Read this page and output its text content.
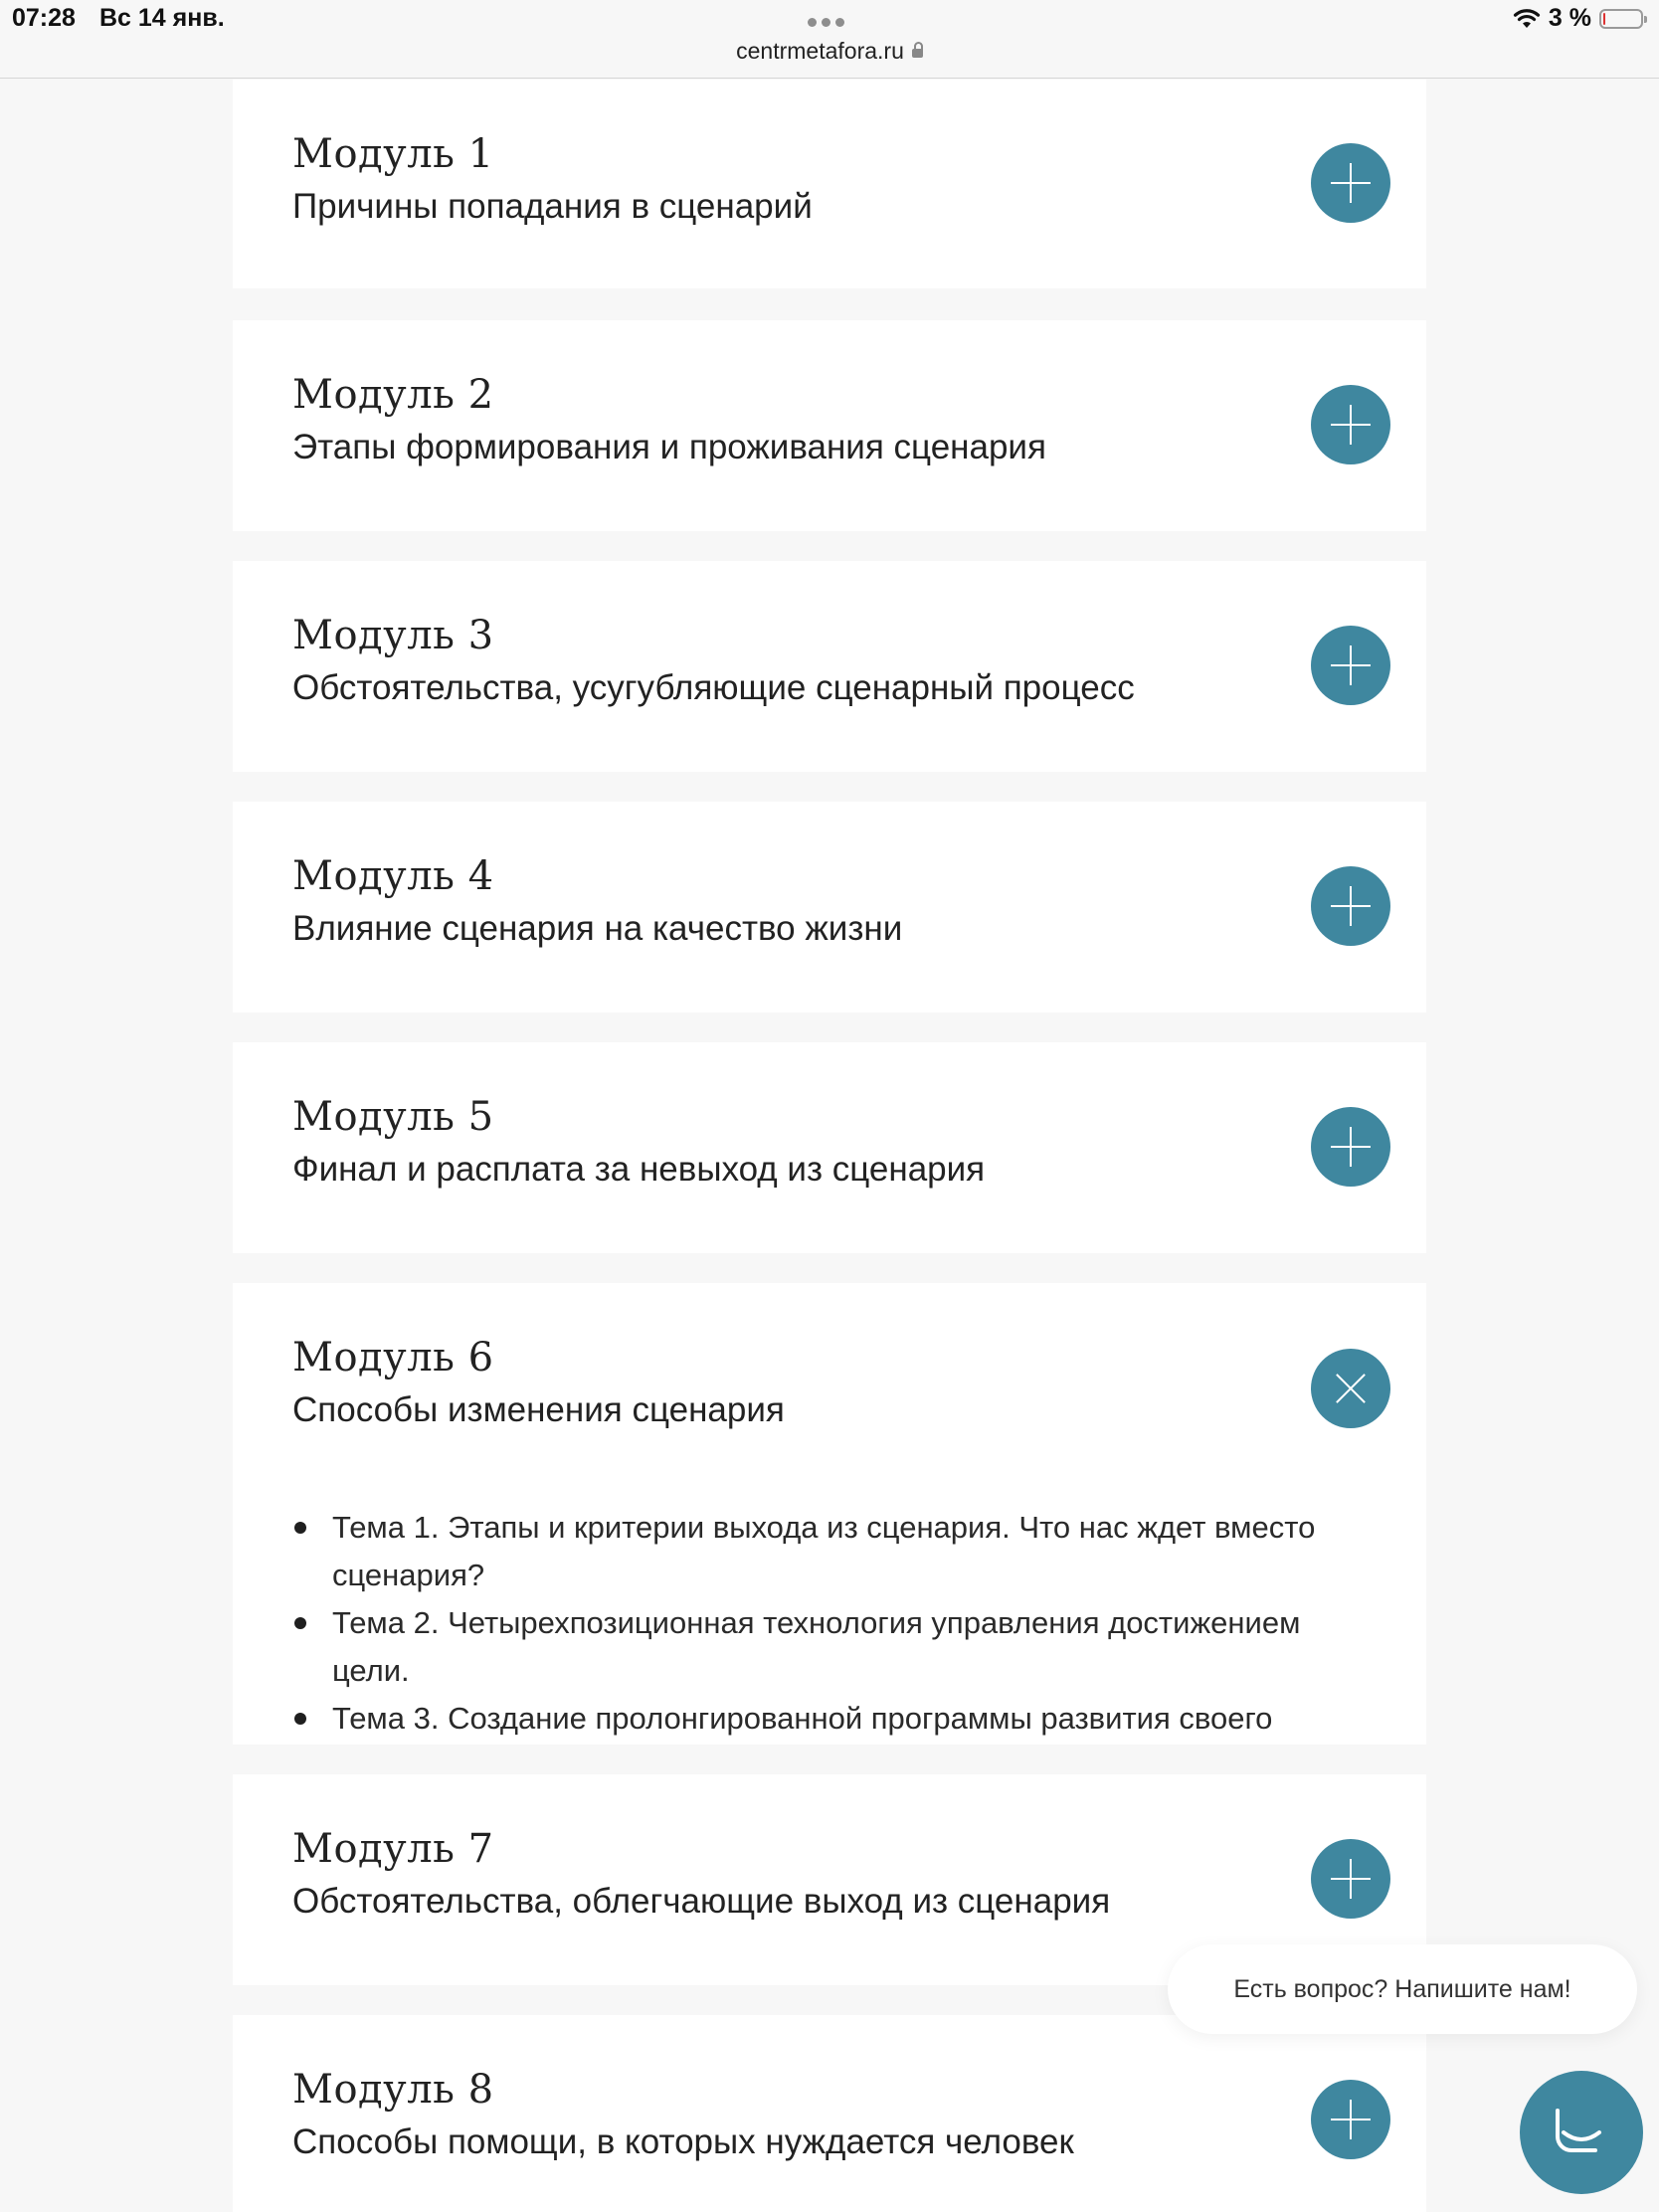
07:28 Вс 14 янв.
centrmetafora.ru
3 %
Модуль 1
Причины попадания в сценарий
Модуль 2
Этапы формирования и проживания сценария
Модуль 3
Обстоятельства, усугубляющие сценарный процесс
Модуль 4
Влияние сценария на качество жизни
Модуль 5
Финал и расплата за невыход из сценария
Модуль 6
Способы изменения сценария
Тема 1. Этапы и критерии выхода из сценария. Что нас ждет вместо сценария?
Тема 2. Четырехпозиционная технология управления достижением цели.
Тема 3. Создание пролонгированной программы развития своего
Модуль 7
Обстоятельства, облегчающие выход из сценария
Модуль 8
Способы помощи, в которых нуждается человек
Есть вопрос? Напишите нам!
